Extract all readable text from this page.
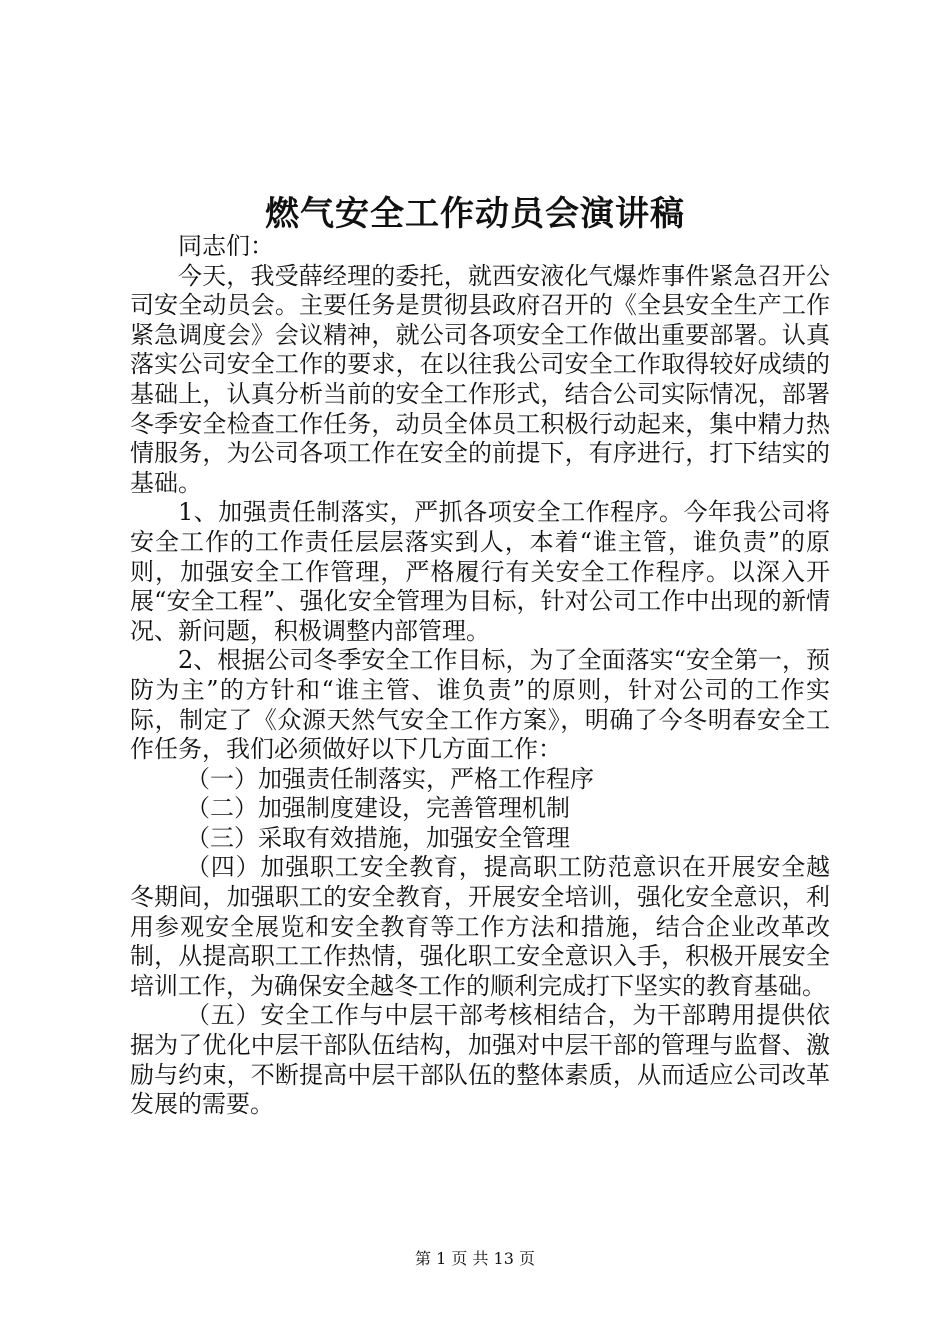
燃气安全工作动员会演讲稿

同志们：

今天，我受薛经理的委托，就西安液化气爆炸事件紧急召开公司安全动员会。主要任务是贯彻县政府召开的《全县安全生产工作紧急调度会》会议精神，就公司各项安全工作做出重要部署。认真落实公司安全工作的要求，在以往我公司安全工作取得较好成绩的基础上，认真分析当前的安全工作形式，结合公司实际情况，部署冬季安全检查工作任务，动员全体员工积极行动起来，集中精力热情服务，为公司各项工作在安全的前提下，有序进行，打下结实的基础。

1、加强责任制落实，严抓各项安全工作程序。今年我公司将安全工作的工作责任层层落实到人，本着“谁主管，谁负责”的原则，加强安全工作管理，严格履行有关安全工作程序。以深入开展“安全工程”、强化安全管理为目标，针对公司工作中出现的新情况、新问题，积极调整内部管理。

2、根据公司冬季安全工作目标，为了全面落实“安全第一，预防为主”的方针和“谁主管、谁负责”的原则，针对公司的工作实际，制定了《众源天然气安全工作方案》，明确了今冬明春安全工作任务，我们必须做好以下几方面工作：

（一）加强责任制落实，严格工作程序

（二）加强制度建设，完善管理机制

（三）采取有效措施，加强安全管理

（四）加强职工安全教育，提高职工防范意识在开展安全越冬期间，加强职工的安全教育，开展安全培训，强化安全意识，利用参观安全展览和安全教育等工作方法和措施，结合企业改革改制，从提高职工工作热情，强化职工安全意识入手，积极开展安全培训工作，为确保安全越冬工作的顺利完成打下坚实的教育基础。

（五）安全工作与中层干部考核相结合，为干部聘用提供依据为了优化中层干部队伍结构，加强对中层干部的管理与监督、激励与约束，不断提高中层干部队伍的整体素质，从而适应公司改革发展的需要。

第 1 页 共 13 页
